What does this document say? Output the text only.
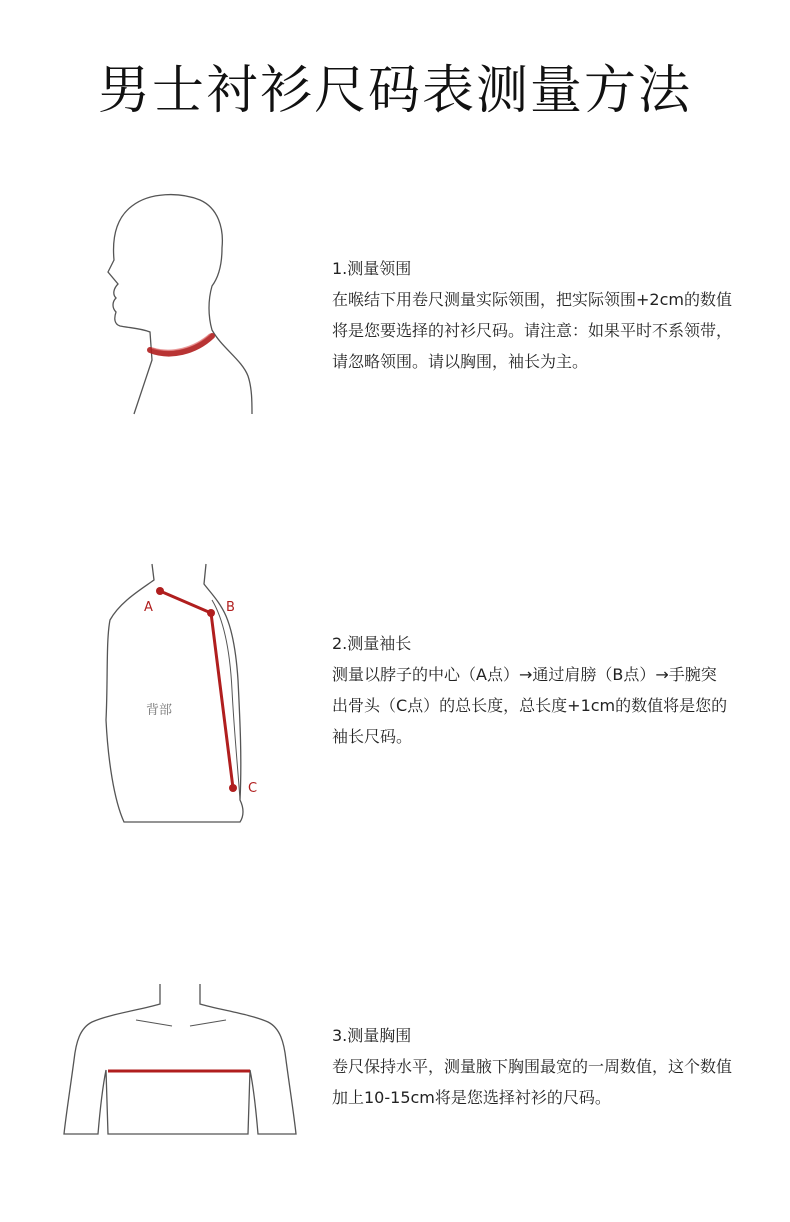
男士衬衫尺码表测量方法
1.测量领围
在喉结下用卷尺测量实际领围，把实际领围+2cm的数值将是您要选择的衬衫尺码。请注意：如果平时不系领带，请忽略领围。请以胸围，袖长为主。
A	B
C
背部
2.测量袖长
测量以脖子的中心（A点）→通过肩膀（B点）→手腕突出骨头（C点）的总长度，总长度+1cm的数值将是您的袖长尺码。
3.测量胸围
卷尺保持水平，测量腋下胸围最宽的一周数值，这个数值加上10-15cm将是您选择衬衫的尺码。
